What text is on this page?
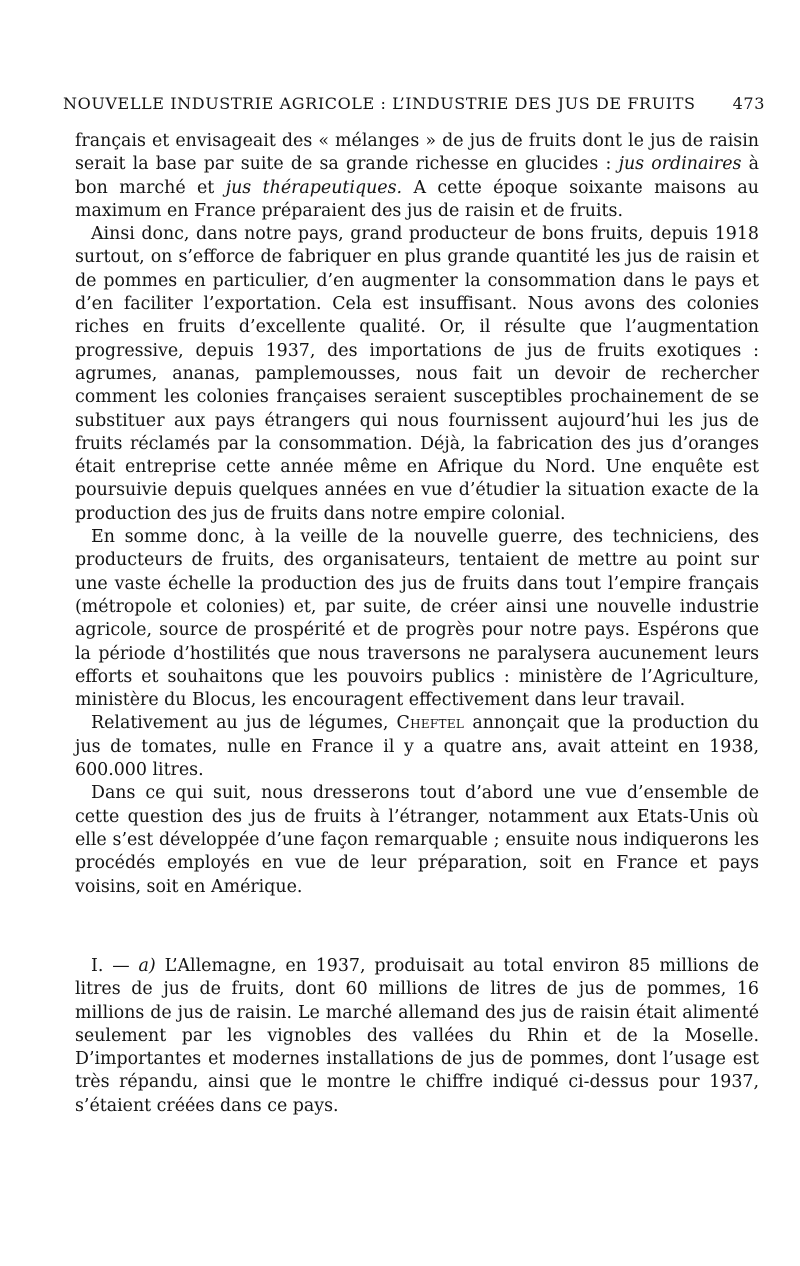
NOUVELLE INDUSTRIE AGRICOLE : L’INDUSTRIE DES JUS DE FRUITS 473

français et envisageait des « mélanges » de jus de fruits dont le jus de raisin serait la base par suite de sa grande richesse en glucides : jus ordinaires à bon marché et jus thérapeutiques. A cette époque soixante maisons au maximum en France préparaient des jus de raisin et de fruits.

Ainsi donc, dans notre pays, grand producteur de bons fruits, depuis 1918 surtout, on s’efforce de fabriquer en plus grande quantité les jus de raisin et de pommes en particulier, d’en augmenter la consommation dans le pays et d’en faciliter l’exportation. Cela est insuffisant. Nous avons des colonies riches en fruits d’excellente qualité. Or, il résulte que l’augmentation progressive, depuis 1937, des importations de jus de fruits exotiques : agrumes, ananas, pamplemousses, nous fait un devoir de rechercher comment les colonies françaises seraient susceptibles prochainement de se substituer aux pays étrangers qui nous fournissent aujourd’hui les jus de fruits réclamés par la consommation. Déjà, la fabrication des jus d’oranges était entreprise cette année même en Afrique du Nord. Une enquête est poursuivie depuis quelques années en vue d’étudier la situation exacte de la production des jus de fruits dans notre empire colonial.

En somme donc, à la veille de la nouvelle guerre, des techniciens, des producteurs de fruits, des organisateurs, tentaient de mettre au point sur une vaste échelle la production des jus de fruits dans tout l’empire français (métropole et colonies) et, par suite, de créer ainsi une nouvelle industrie agricole, source de prospérité et de progrès pour notre pays. Espérons que la période d’hostilités que nous traversons ne paralysera aucunement leurs efforts et souhaitons que les pouvoirs publics : ministère de l’Agriculture, ministère du Blocus, les encouragent effectivement dans leur travail.

Relativement au jus de légumes, Cheftel annonçait que la production du jus de tomates, nulle en France il y a quatre ans, avait atteint en 1938, 600.000 litres.

Dans ce qui suit, nous dresserons tout d’abord une vue d’ensemble de cette question des jus de fruits à l’étranger, notamment aux Etats-Unis où elle s’est développée d’une façon remarquable ; ensuite nous indiquerons les procédés employés en vue de leur préparation, soit en France et pays voisins, soit en Amérique.

I. — a) L’Allemagne, en 1937, produisait au total environ 85 millions de litres de jus de fruits, dont 60 millions de litres de jus de pommes, 16 millions de jus de raisin. Le marché allemand des jus de raisin était alimenté seulement par les vignobles des vallées du Rhin et de la Moselle. D’importantes et modernes installations de jus de pommes, dont l’usage est très répandu, ainsi que le montre le chiffre indiqué ci-dessus pour 1937, s’étaient créées dans ce pays.
